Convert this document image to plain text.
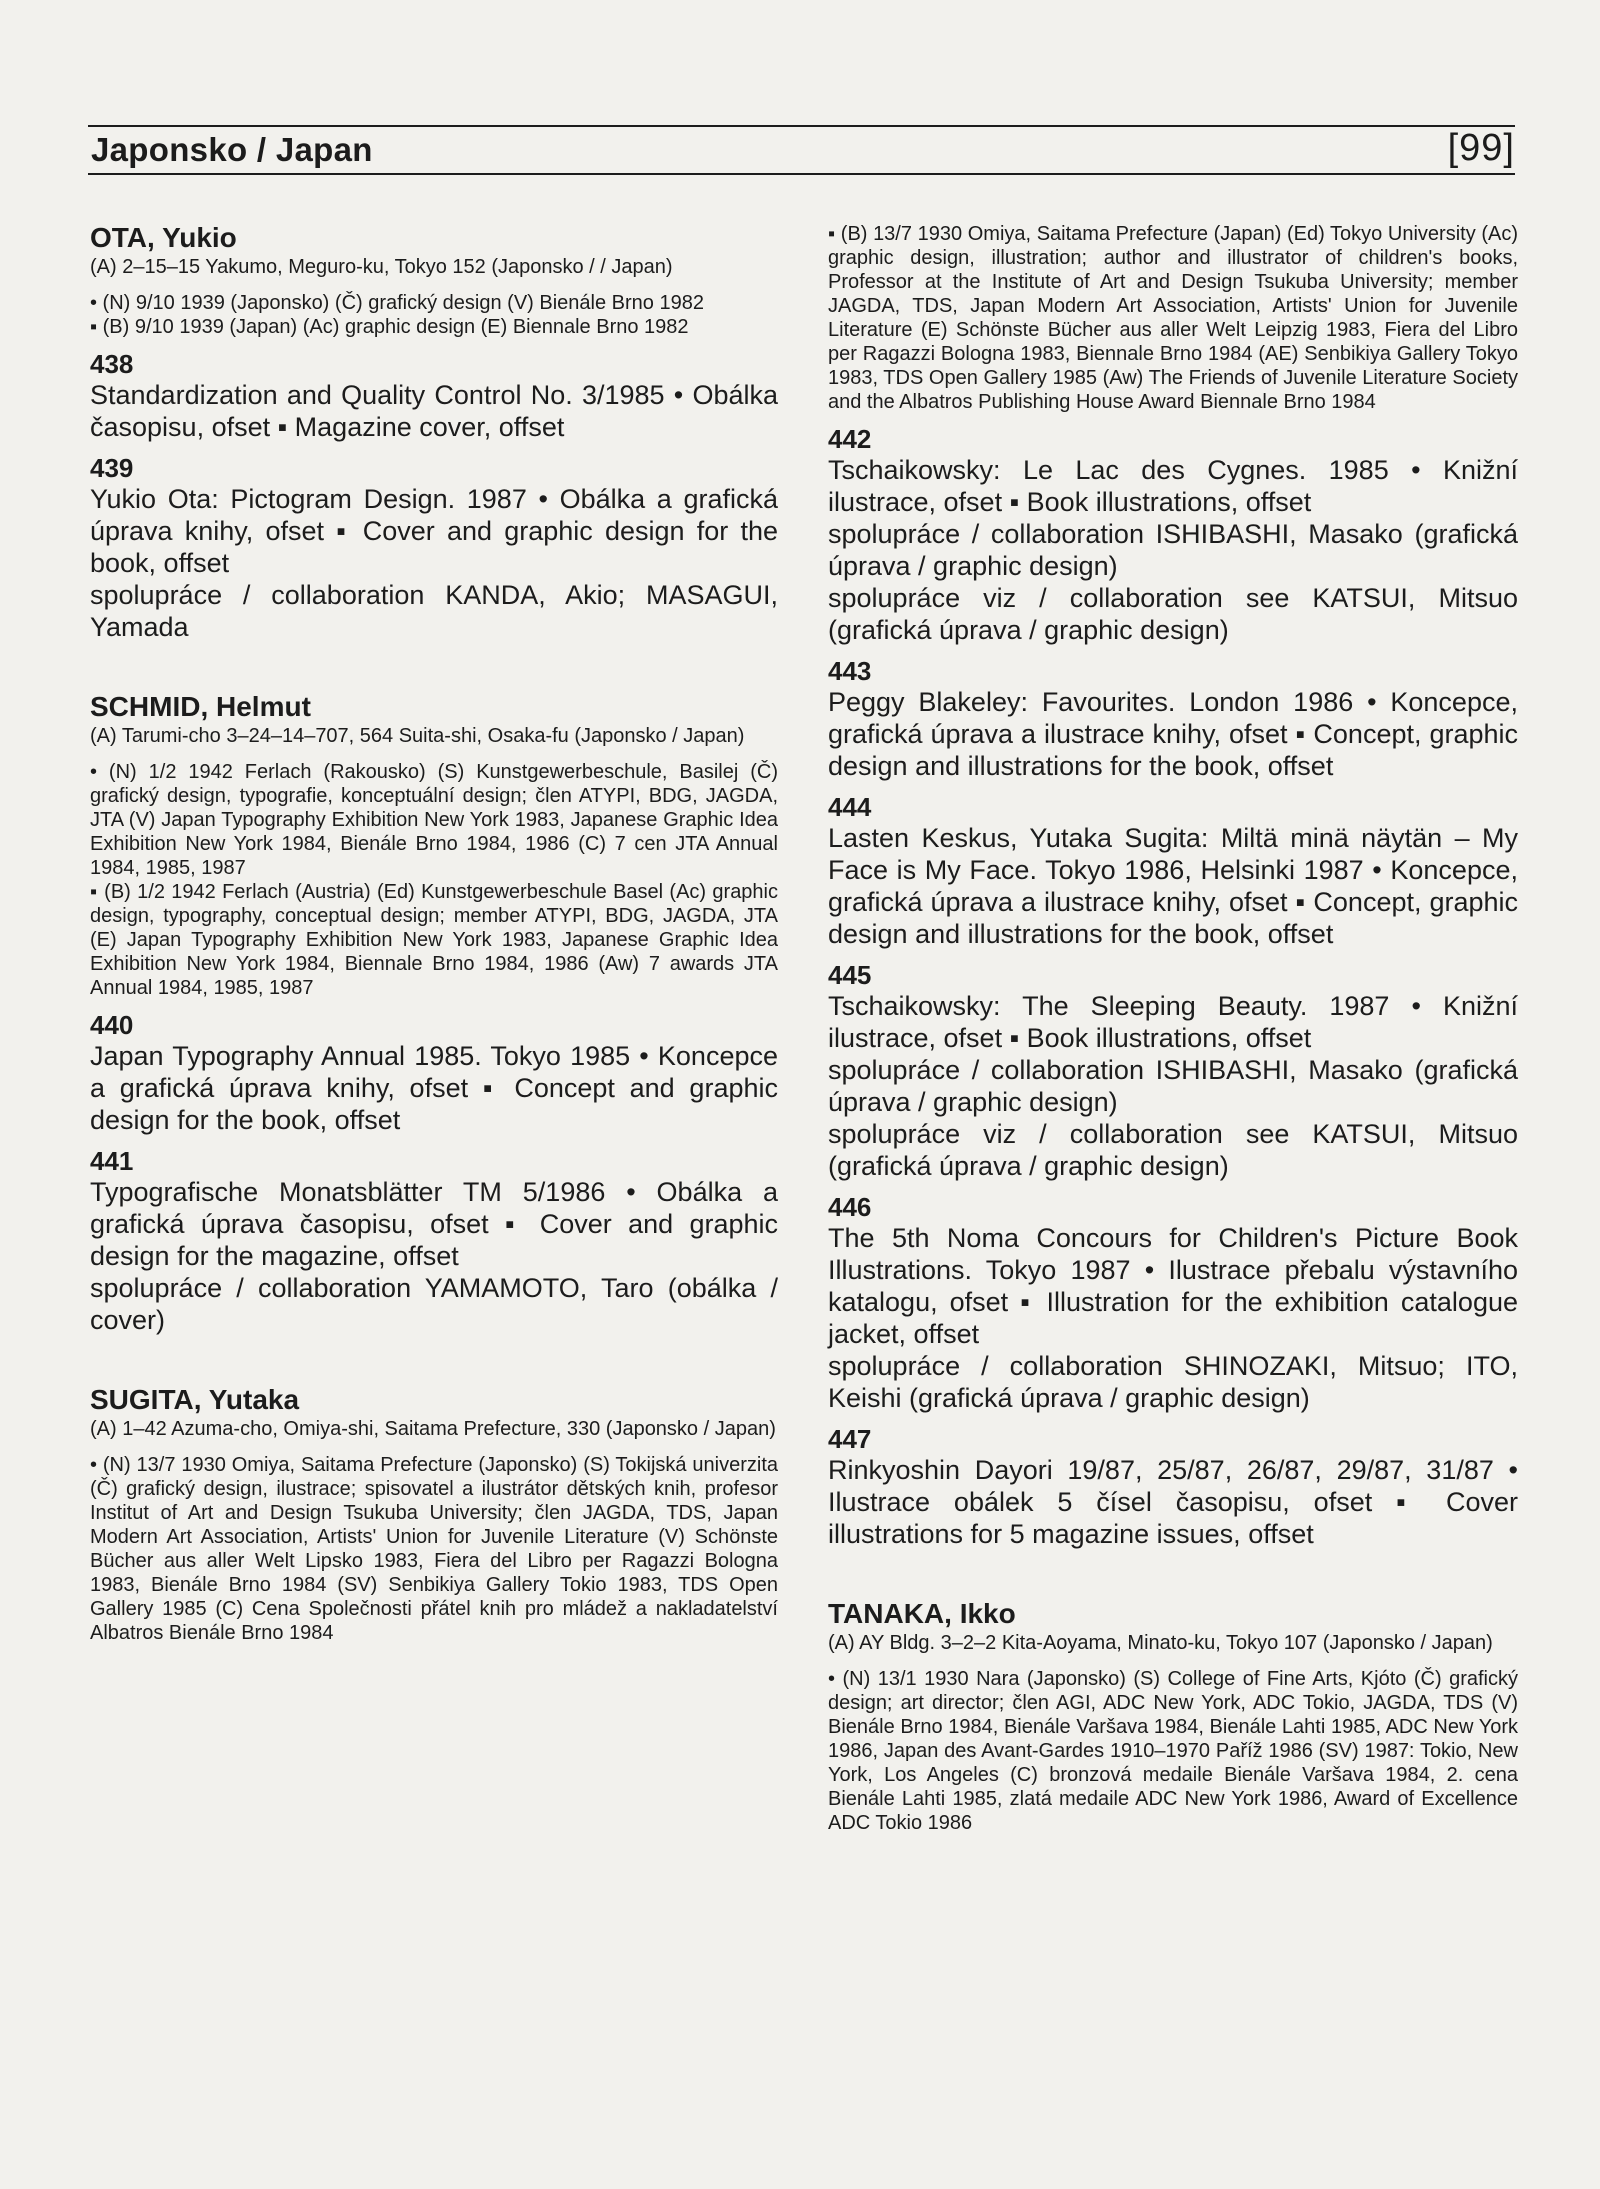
Japonsko / Japan	[99]

OTA, Yukio

(A) 2–15–15 Yakumo, Meguro-ku, Tokyo 152 (Japonsko / / Japan)

• (N) 9/10 1939 (Japonsko) (Č) grafický design (V) Bienále Brno 1982

▪ (B) 9/10 1939 (Japan) (Ac) graphic design (E) Biennale Brno 1982

438

Standardization and Quality Control No. 3/1985 • Obálka časopisu, ofset ▪ Magazine cover, offset

439

Yukio Ota: Pictogram Design. 1987 • Obálka a grafická úprava knihy, ofset ▪ Cover and graphic design for the book, offset

spolupráce / collaboration KANDA, Akio; MASAGUI, Yamada

SCHMID, Helmut

(A) Tarumi-cho 3–24–14–707, 564 Suita-shi, Osaka-fu (Japonsko / Japan)

• (N) 1/2 1942 Ferlach (Rakousko) (S) Kunstgewerbeschule, Basilej (Č) grafický design, typografie, konceptuální design; člen ATYPI, BDG, JAGDA, JTA (V) Japan Typography Exhibition New York 1983, Japanese Graphic Idea Exhibition New York 1984, Bienále Brno 1984, 1986 (C) 7 cen JTA Annual 1984, 1985, 1987

▪ (B) 1/2 1942 Ferlach (Austria) (Ed) Kunstgewerbeschule Basel (Ac) graphic design, typography, conceptual design; member ATYPI, BDG, JAGDA, JTA (E) Japan Typography Exhibition New York 1983, Japanese Graphic Idea Exhibition New York 1984, Biennale Brno 1984, 1986 (Aw) 7 awards JTA Annual 1984, 1985, 1987

440

Japan Typography Annual 1985. Tokyo 1985 • Koncepce a grafická úprava knihy, ofset ▪ Concept and graphic design for the book, offset

441

Typografische Monatsblätter TM 5/1986 • Obálka a grafická úprava časopisu, ofset ▪ Cover and graphic design for the magazine, offset

spolupráce / collaboration YAMAMOTO, Taro (obálka / cover)

SUGITA, Yutaka

(A) 1–42 Azuma-cho, Omiya-shi, Saitama Prefecture, 330 (Japonsko / Japan)

• (N) 13/7 1930 Omiya, Saitama Prefecture (Japonsko) (S) Tokijská univerzita (Č) grafický design, ilustrace; spisovatel a ilustrátor dětských knih, profesor Institut of Art and Design Tsukuba University; člen JAGDA, TDS, Japan Modern Art Association, Artists' Union for Juvenile Literature (V) Schönste Bücher aus aller Welt Lipsko 1983, Fiera del Libro per Ragazzi Bologna 1983, Bienále Brno 1984 (SV) Senbikiya Gallery Tokio 1983, TDS Open Gallery 1985 (C) Cena Společnosti přátel knih pro mládež a nakladatelství Albatros Bienále Brno 1984

▪ (B) 13/7 1930 Omiya, Saitama Prefecture (Japan) (Ed) Tokyo University (Ac) graphic design, illustration; author and illustrator of children's books, Professor at the Institute of Art and Design Tsukuba University; member JAGDA, TDS, Japan Modern Art Association, Artists' Union for Juvenile Literature (E) Schönste Bücher aus aller Welt Leipzig 1983, Fiera del Libro per Ragazzi Bologna 1983, Biennale Brno 1984 (AE) Senbikiya Gallery Tokyo 1983, TDS Open Gallery 1985 (Aw) The Friends of Juvenile Literature Society and the Albatros Publishing House Award Biennale Brno 1984

442

Tschaikowsky: Le Lac des Cygnes. 1985 • Knižní ilustrace, ofset ▪ Book illustrations, offset

spolupráce / collaboration ISHIBASHI, Masako (grafická úprava / graphic design)

spolupráce viz / collaboration see KATSUI, Mitsuo (grafická úprava / graphic design)

443

Peggy Blakeley: Favourites. London 1986 • Koncepce, grafická úprava a ilustrace knihy, ofset ▪ Concept, graphic design and illustrations for the book, offset

444

Lasten Keskus, Yutaka Sugita: Miltä minä näytän – My Face is My Face. Tokyo 1986, Helsinki 1987 • Koncepce, grafická úprava a ilustrace knihy, ofset ▪ Concept, graphic design and illustrations for the book, offset

445

Tschaikowsky: The Sleeping Beauty. 1987 • Knižní ilustrace, ofset ▪ Book illustrations, offset

spolupráce / collaboration ISHIBASHI, Masako (grafická úprava / graphic design)

spolupráce viz / collaboration see KATSUI, Mitsuo (grafická úprava / graphic design)

446

The 5th Noma Concours for Children's Picture Book Illustrations. Tokyo 1987 • Ilustrace přebalu výstavního katalogu, ofset ▪ Illustration for the exhibition catalogue jacket, offset

spolupráce / collaboration SHINOZAKI, Mitsuo; ITO, Keishi (grafická úprava / graphic design)

447

Rinkyoshin Dayori 19/87, 25/87, 26/87, 29/87, 31/87 • Ilustrace obálek 5 čísel časopisu, ofset ▪ Cover illustrations for 5 magazine issues, offset

TANAKA, Ikko

(A) AY Bldg. 3–2–2 Kita-Aoyama, Minato-ku, Tokyo 107 (Japonsko / Japan)

• (N) 13/1 1930 Nara (Japonsko) (S) College of Fine Arts, Kjóto (Č) grafický design; art director; člen AGI, ADC New York, ADC Tokio, JAGDA, TDS (V) Bienále Brno 1984, Bienále Varšava 1984, Bienále Lahti 1985, ADC New York 1986, Japan des Avant-Gardes 1910–1970 Paříž 1986 (SV) 1987: Tokio, New York, Los Angeles (C) bronzová medaile Bienále Varšava 1984, 2. cena Bienále Lahti 1985, zlatá medaile ADC New York 1986, Award of Excellence ADC Tokio 1986
